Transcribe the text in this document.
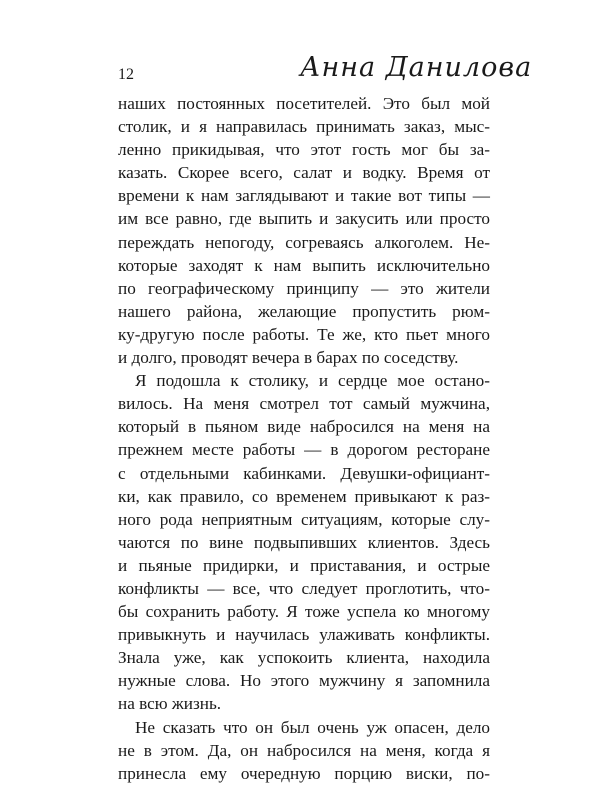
12	Анна Данилова
наших постоянных посетителей. Это был мой
столик, и я направилась принимать заказ, мыс-
ленно прикидывая, что этот гость мог бы за-
казать. Скорее всего, салат и водку. Время от
времени к нам заглядывают и такие вот типы —
им все равно, где выпить и закусить или просто
переждать непогоду, согреваясь алкоголем. Не-
которые заходят к нам выпить исключительно
по географическому принципу — это жители
нашего района, желающие пропустить рюм-
ку-другую после работы. Те же, кто пьет много
и долго, проводят вечера в барах по соседству.
Я подошла к столику, и сердце мое остано-
вилось. На меня смотрел тот самый мужчина,
который в пьяном виде набросился на меня на
прежнем месте работы — в дорогом ресторане
с отдельными кабинками. Девушки-официант-
ки, как правило, со временем привыкают к раз-
ного рода неприятным ситуациям, которые слу-
чаются по вине подвыпивших клиентов. Здесь
и пьяные придирки, и приставания, и острые
конфликты — все, что следует проглотить, что-
бы сохранить работу. Я тоже успела ко многому
привыкнуть и научилась улаживать конфликты.
Знала уже, как успокоить клиента, находила
нужные слова. Но этого мужчину я запомнила
на всю жизнь.
Не сказать что он был очень уж опасен, дело
не в этом. Да, он набросился на меня, когда я
принесла ему очередную порцию виски, по-
